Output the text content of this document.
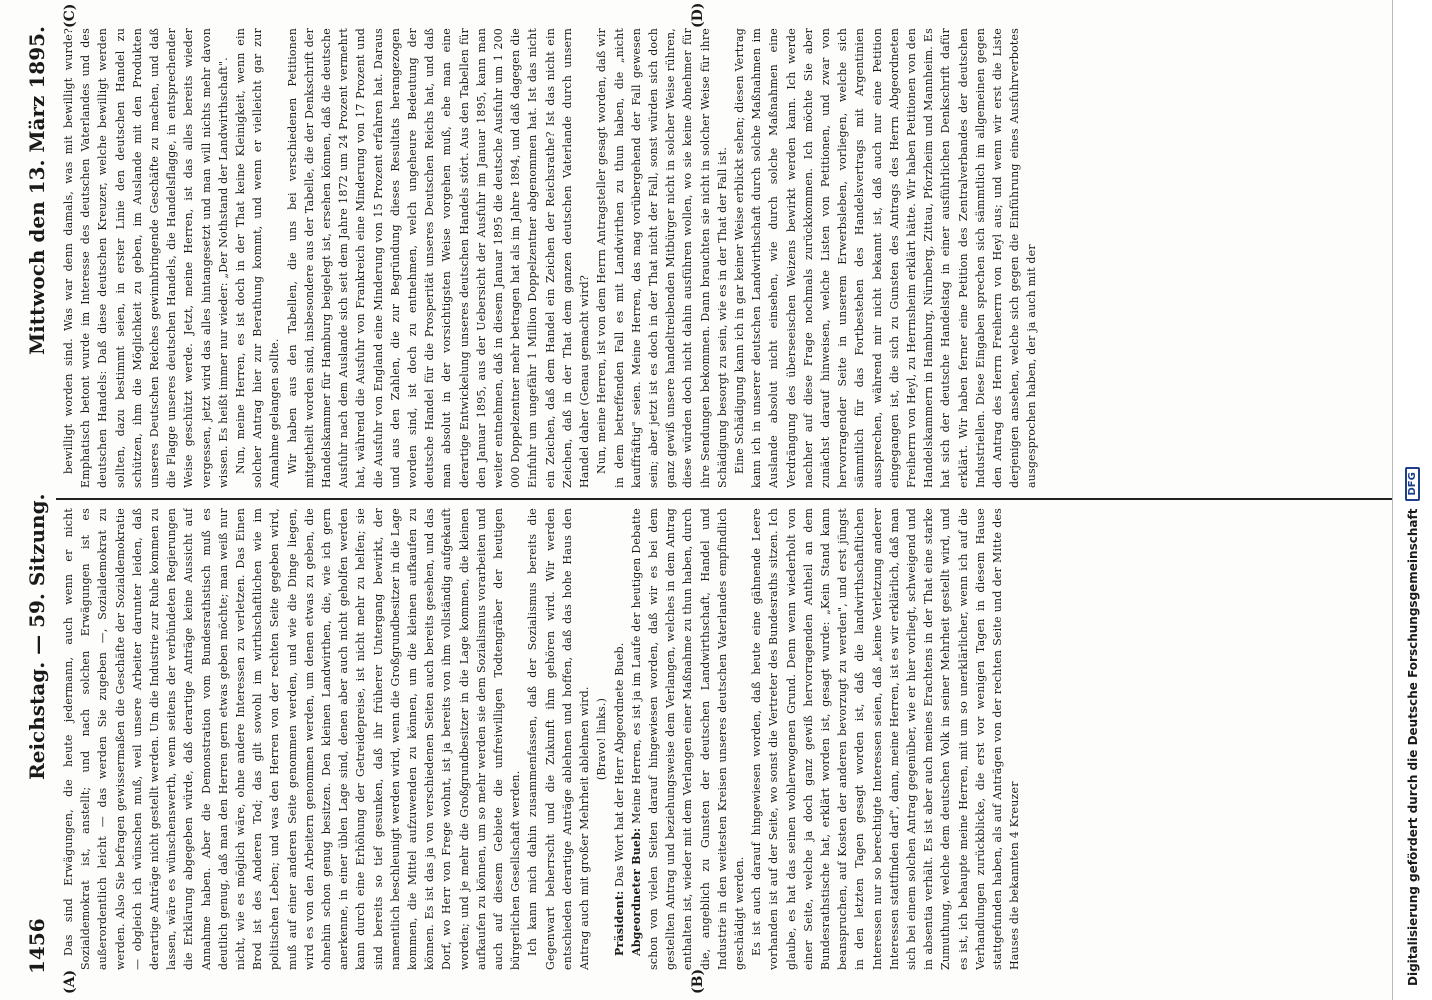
1456
Reichstag. — 59. Sitzung.
Mittwoch den 13. März 1895.
(A)	(B)
(C)	(D)

Das sind Erwägungen, die heute jedermann, auch wenn er nicht Sozialdemokrat ist, anstellt; und nach solchen Erwägungen ist es außerordentlich leicht — das werden Sie zugeben —, Sozialdemokrat zu werden. Also Sie befragen gewissermaßen die Geschäfte der Sozialdemokratie — obgleich ich wünschen muß, weil unsere Arbeiter darunter leiden, daß derartige Anträge nicht gestellt werden. Um die Industrie zur Ruhe kommen zu lassen, wäre es wünschenswerth, wenn seitens der verbündeten Regierungen die Erklärung abgegeben würde, daß derartige Anträge keine Aussicht auf Annahme haben. Aber die Demonstration vom Bundesrathstisch muß es deutlich genug, daß man den Herren gern etwas geben möchte; man weiß nur nicht, wie es möglich wäre, ohne andere Interessen zu verletzen. Das Einen Brod ist des Anderen Tod; das gilt sowohl im wirthschaftlichen wie im politischen Leben; und was den Herren von der rechten Seite gegeben wird, muß auf einer anderen Seite genommen werden, und wie die Dinge liegen, wird es von den Arbeitern genommen werden, um denen etwas zu geben, die ohnehin schon genug besitzen. Den kleinen Landwirthen, die, wie ich gern anerkenne, in einer üblen Lage sind, denen aber auch nicht geholfen werden kann durch eine Erhöhung der Getreidepreise, ist nicht mehr zu helfen; sie sind bereits so tief gesunken, daß ihr früherer Untergang bewirkt, der namentlich beschleunigt werden wird, wenn die Großgrundbesitzer in die Lage kommen, die Mittel aufzuwenden zu können, um die kleinen aufkaufen zu können. Es ist das ja von verschiedenen Seiten auch bereits gesehen, und das Dorf, wo Herr von Frege wohnt, ist ja bereits von ihm vollständig aufgekauft worden; und je mehr die Großgrundbesitzer in die Lage kommen, die kleinen aufkaufen zu können, um so mehr werden sie dem Sozialismus vorarbeiten und auch auf diesem Gebiete die unfreiwilligen Todtengräber der heutigen bürgerlichen Gesellschaft werden. Ich kann mich dahin zusammenfassen, daß der Sozialismus bereits die Gegenwart beherrscht und die Zukunft ihm gehören wird. Wir werden entschieden derartige Anträge ablehnen und hoffen, daß das hohe Haus den Antrag auch mit großer Mehrheit ablehnen wird. (Bravo! links.)

Präsident: Das Wort hat der Herr Abgeordnete Bueb.

Abgeordneter Bueb: Meine Herren, es ist ja im Laufe der heutigen Debatte schon von vielen Seiten darauf hingewiesen worden, daß wir es bei dem gestellten Antrag und beziehungsweise dem Verlangen, welches in dem Antrag enthalten ist, wieder mit dem Verlangen einer Maßnahme zu thun haben, durch die, angeblich zu Gunsten der deutschen Landwirthschaft, Handel und Industrie in den weitesten Kreisen unseres deutschen Vaterlandes empfindlich geschädigt werden. Es ist auch darauf hingewiesen worden, daß heute eine gähnende Leere vorhanden ist auf der Seite, wo sonst die Vertreter des Bundesraths sitzen. Ich glaube, es hat das seinen wohlerwogenen Grund. Denn wenn wiederholt von einer Seite, welche ja doch ganz gewiß hervorragenden Antheil an dem Bundesrathstische hat, erklärt worden ist, gesagt wurde: „Kein Stand kann beanspruchen, auf Kosten der anderen bevorzugt zu werden", und erst jüngst in den letzten Tagen gesagt worden ist, daß die landwirthschaftlichen Interessen nur so berechtigte Interessen seien, daß „keine Verletzung anderer Interessen stattfinden darf", dann, meine Herren, ist es wir erklärlich, daß man sich bei einem solchen Antrag gegenüber, wie er hier vorliegt, schweigend und in absentia verhält. Es ist aber auch meines Erachtens in der That eine starke Zumuthung, welche dem deutschen Volk in seiner Mehrheit gestellt wird, und es ist, ich behaupte meine Herren, mit um so unerklärlicher, wenn ich auf die Verhandlungen zurückblicke, die erst vor wenigen Tagen in diesem Hause stattgefunden haben, als auf Anträgen von der rechten Seite und der Mitte des Hauses die bekannten 4 Kreuzer

bewilligt worden sind. Was war denn damals, was mit bewilligt wurde? Emphatisch betont wurde im Interesse des deutschen Vaterlandes und des deutschen Handels: Daß diese deutschen Kreuzer, welche bewilligt werden sollten, dazu bestimmt seien, in erster Linie den deutschen Handel zu schützen, ihm die Möglichkeit zu geben, im Auslande mit den Produkten unseres Deutschen Reiches gewinnbringende Geschäfte zu machen, und daß die Flagge unseres deutschen Handels, die Handelsflagge, in entsprechender Weise geschützt werde. Jetzt, meine Herren, ist das alles bereits wieder vergessen, jetzt wird das alles hintangesetzt und man will nichts mehr davon wissen. Es heißt immer nur wieder: „Der Nothstand der Landwirthschaft". Nun, meine Herren, es ist doch in der That keine Kleinigkeit, wenn ein solcher Antrag hier zur Berathung kommt, und wenn er vielleicht gar zur Annahme gelangen sollte. Wir haben aus den Tabellen, die uns bei verschiedenen Petitionen mitgetheilt worden sind, insbesondere aus der Tabelle, die der Denkschrift der Handelskammer für Hamburg beigelegt ist, ersehen können, daß die deutsche Ausfuhr nach dem Auslande sich seit dem Jahre 1872 um 24 Prozent vermehrt hat, während die Ausfuhr von Frankreich eine Minderung von 17 Prozent und die Ausfuhr von England eine Minderung von 15 Prozent erfahren hat. Daraus und aus den Zahlen, die zur Begründung dieses Resultats herangezogen worden sind, ist doch zu entnehmen, welch ungeheure Bedeutung der deutsche Handel für die Prosperität unseres Deutschen Reichs hat, und daß man absolut in der vorsichtigsten Weise vorgehen muß, ehe man eine derartige Entwickelung unseres deutschen Handels stört. Aus den Tabellen für den Januar 1895, aus der Uebersicht der Ausfuhr im Januar 1895, kann man weiter entnehmen, daß in diesem Januar 1895 die deutsche Ausfuhr um 1 200 000 Doppelzentner mehr betragen hat als im Jahre 1894, und daß dagegen die Einfuhr um ungefähr 1 Million Doppelzentner abgenommen hat. Ist das nicht ein Zeichen, daß dem Handel ein Zeichen der Reichsrathe? Ist das nicht ein Zeichen, daß in der That dem ganzen deutschen Vaterlande durch unsern Handel daher (Genau gemacht wird? Nun, meine Herren, ist von dem Herrn Antragsteller gesagt worden, daß wir in dem betreffenden Fall es mit Landwirthen zu thun haben, die „nicht kauffräftig" seien. Meine Herren, das mag vorübergehend der Fall gewesen sein; aber jetzt ist es doch in der That nicht der Fall, sonst würden sich doch ganz gewiß unsere handeltreibenden Mitbürger nicht in solcher Weise rühren, diese würden doch nicht dahin ausführen wollen, wo sie keine Abnehmer für ihre Sendungen bekommen. Dann brauchten sie nicht in solcher Weise für ihre Schädigung besorgt zu sein, wie es in der That der Fall ist. Eine Schädigung kann ich in gar keiner Weise erblickt sehen; diesen Vertrag kann ich in unserer deutschen Landwirthschaft durch solche Maßnahmen im Auslande absolut nicht einsehen, wie durch solche Maßnahmen eine Verdrängung des überseeischen Weizens bewirkt werden kann. Ich werde nachher auf diese Frage nochmals zurückkommen. Ich möchte Sie aber zunächst darauf hinweisen, welche Listen von Petitionen, und zwar von hervorragender Seite in unserem Erwerbsleben, vorliegen, welche sich sämmtlich für das Fortbestehen des Handelsvertrags mit Argentinien aussprechen, während mir nicht bekannt ist, daß auch nur eine Petition eingegangen ist, die sich zu Gunsten des Antrags des Herrn Abgeordneten Freiherrn von Heyl, zu Herrnsheim erklärt hätte. Wir haben Petitionen von den Handelskammern in Hamburg, Nürnberg, Zittau, Pforzheim und Mannheim. Es hat sich der deutsche Handelstag in einer ausführlichen Denkschrift dafür erklärt. Wir haben ferner eine Petition des Zentralverbandes der deutschen Industriellen. Diese Eingaben sprechen sich sämmtlich im allgemeinen gegen den Antrag des Herrn Freiherrn von Heyl aus; und wenn wir erst die Liste derjenigen ansehen, welche sich gegen die Einführung eines Ausfuhrverbotes ausgesprochen haben, der ja auch mit der

Digitalisierung gefördert durch die Deutsche Forschungsgemeinschaft
DFG
